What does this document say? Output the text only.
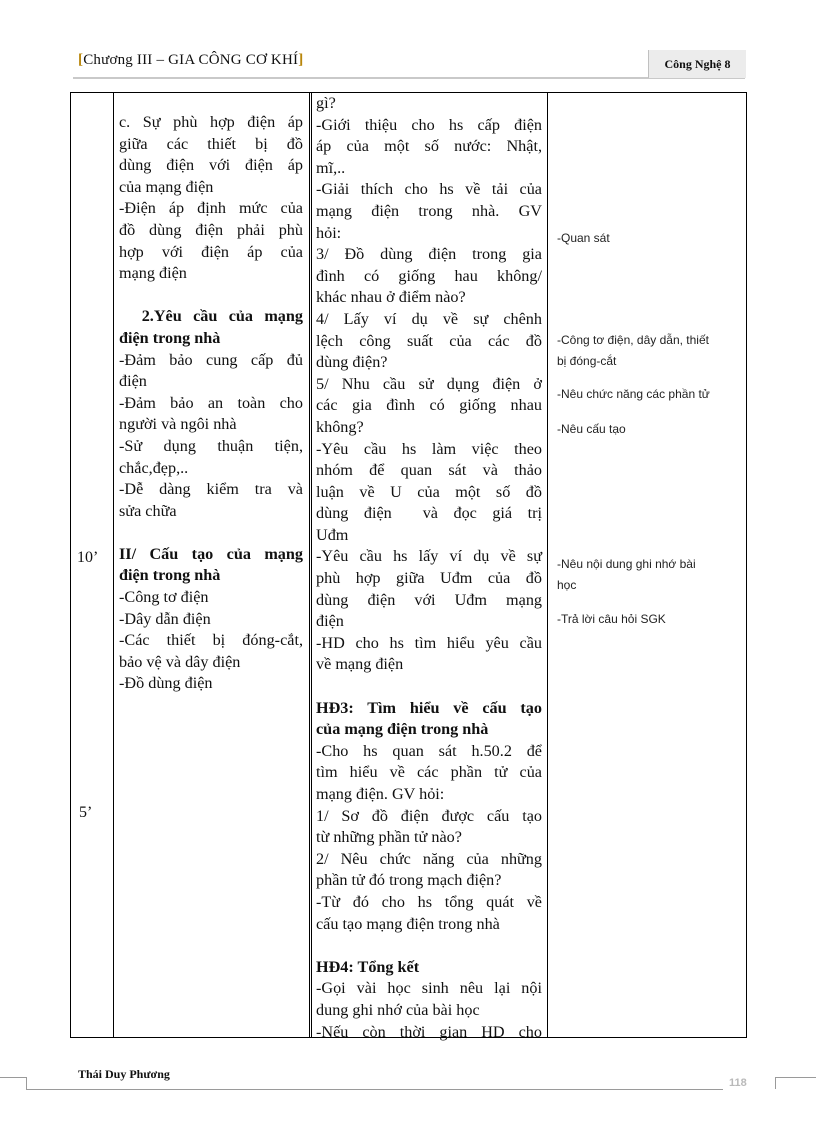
[Chương III – GIA CÔNG CƠ KHÍ]	Công Nghệ 8
10’
5’

c. Sự phù hợp điện áp

giữa các thiết bị đồ

dùng điện với điện áp

của mạng điện

-Điện áp định mức của

đồ dùng điện phải phù

hợp với điện áp của

mạng điện

2.Yêu cầu của mạng

điện trong nhà

-Đảm bảo cung cấp đủ

điện

-Đảm bảo an toàn cho

người và ngôi nhà

-Sử dụng thuận tiện,

chắc,đẹp,..

-Dễ dàng kiểm tra và

sửa chữa

II/ Cấu tạo của mạng

điện trong nhà

-Công tơ điện

-Dây dẫn điện

-Các thiết bị đóng-cắt,

bảo vệ và dây điện

-Đồ dùng điện

gì?

-Giới thiệu cho hs cấp điện

áp của một số nước: Nhật,

mĩ,..

-Giải thích cho hs về tải của

mạng điện trong nhà. GV

hỏi:

3/ Đồ dùng điện trong gia

đình có giống hau không/

khác nhau ở điểm nào?

4/ Lấy ví dụ về sự chênh

lệch công suất của các đồ

dùng điện?

5/ Nhu cầu sử dụng điện ở

các gia đình có giống nhau

không?

-Yêu cầu hs làm việc theo

nhóm để quan sát và thảo

luận về U của một số đồ

dùng điện  và đọc giá trị

Uđm

-Yêu cầu hs lấy ví dụ về sự

phù hợp giữa Uđm của đồ

dùng điện với Uđm mạng

điện

-HD cho hs tìm hiểu yêu cầu

về mạng điện

HĐ3: Tìm hiểu về cấu tạo

của mạng điện trong nhà

-Cho hs quan sát h.50.2 để

tìm hiểu về các phần tử của

mạng điện. GV hỏi:

1/ Sơ đồ điện được cấu tạo

từ những phần tử nào?

2/ Nêu chức năng của những

phần tử đó trong mạch điện?

-Từ đó cho hs tổng quát về

cấu tạo mạng điện trong nhà

HĐ4: Tổng kết

-Gọi vài học sinh nêu lại nội

dung ghi nhớ của bài học

-Nếu còn thời gian HD cho

-Quan sát
-Công tơ điện, dây dẫn, thiết
bị đóng-cắt
-Nêu chức năng các phần tử
-Nêu cấu tạo
-Nêu nội dung ghi nhớ bài
học
-Trả lời câu hỏi SGK
Thái Duy Phương
118
